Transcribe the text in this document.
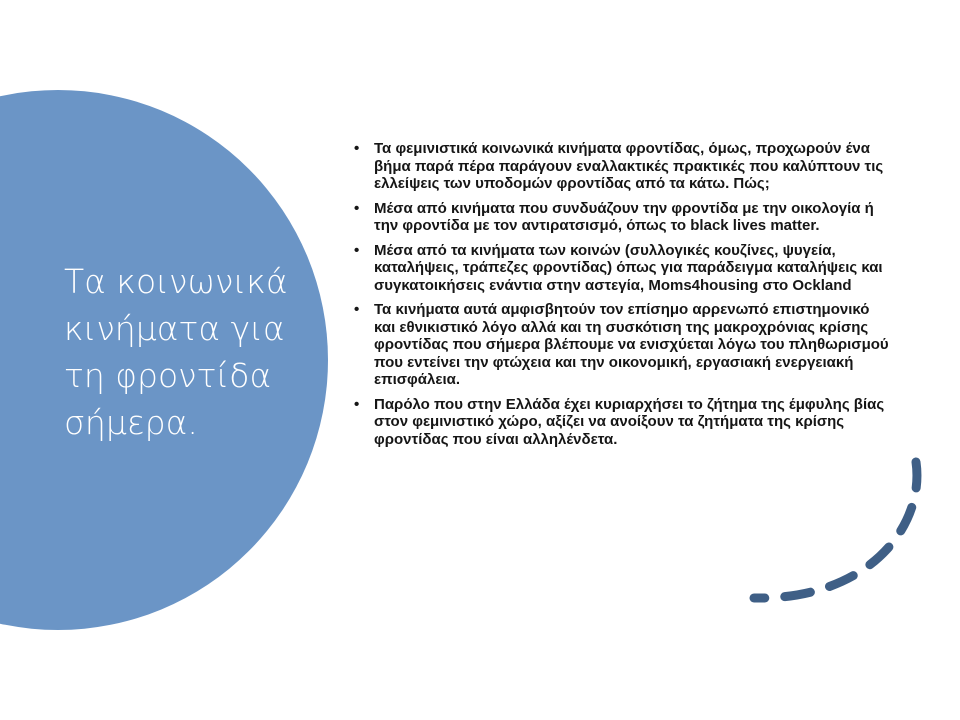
Τα κοινωνικά
κινήματα για
τη φροντίδα
σήμερα.
• Τα φεμινιστικά κοινωνικά κινήματα φροντίδας, όμως, προχωρούν ένα βήμα παρά πέρα παράγουν εναλλακτικές πρακτικές που καλύπτουν τις ελλείψεις των υποδομών φροντίδας από τα κάτω. Πώς;
• Μέσα από κινήματα που συνδυάζουν την φροντίδα με την οικολογία ή την φροντίδα με τον αντιρατσισμό, όπως το black lives matter.
• Μέσα από τα κινήματα των κοινών (συλλογικές κουζίνες, ψυγεία, καταλήψεις, τράπεζες φροντίδας) όπως για παράδειγμα καταλήψεις και συγκατοικήσεις ενάντια στην αστεγία, Moms4housing στο Ockland
• Τα κινήματα αυτά αμφισβητούν τον επίσημο αρρενωπό επιστημονικό και εθνικιστικό λόγο αλλά και τη συσκότιση της μακροχρόνιας κρίσης φροντίδας που σήμερα βλέπουμε να ενισχύεται λόγω του πληθωρισμού που εντείνει την φτώχεια και την οικονομική, εργασιακή ενεργειακή επισφάλεια.
• Παρόλο που στην Ελλάδα έχει κυριαρχήσει το ζήτημα της έμφυλης βίας στον φεμινιστικό χώρο, αξίζει να ανοίξουν τα ζητήματα της κρίσης φροντίδας που είναι αλληλένδετα.
